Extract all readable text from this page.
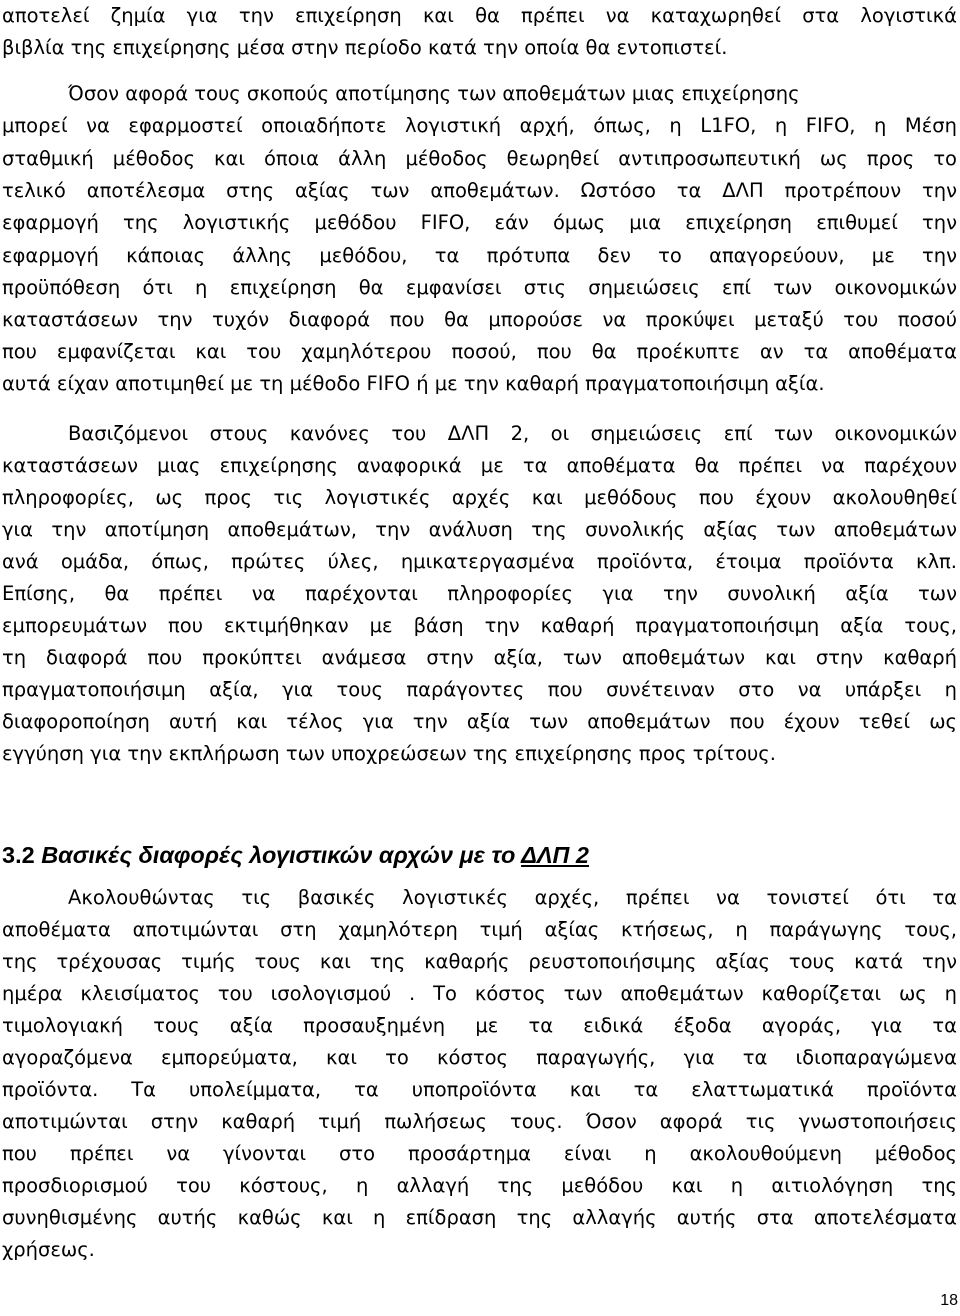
αποτελεί ζημία για την επιχείρηση και θα πρέπει να καταχωρηθεί στα λογιστικά
βιβλία της επιχείρησης μέσα στην περίοδο κατά την οποία θα εντοπιστεί.
Όσον αφορά τους σκοπούς αποτίμησης των αποθεμάτων μιας επιχείρησης
μπορεί να εφαρμοστεί οποιαδήποτε λογιστική αρχή, όπως, η L1FO, η FIFO, η Μέση
σταθμική μέθοδος και όποια άλλη μέθοδος θεωρηθεί αντιπροσωπευτική ως προς το
τελικό αποτέλεσμα στης αξίας των αποθεμάτων. Ωστόσο τα ΔΛΠ προτρέπουν την
εφαρμογή της λογιστικής μεθόδου FIFO, εάν όμως μια επιχείρηση επιθυμεί την
εφαρμογή κάποιας άλλης μεθόδου, τα πρότυπα δεν το απαγορεύουν, με την
προϋπόθεση ότι η επιχείρηση θα εμφανίσει στις σημειώσεις επί των οικονομικών
καταστάσεων την τυχόν διαφορά που θα μπορούσε να προκύψει μεταξύ του ποσού
που εμφανίζεται και του χαμηλότερου ποσού, που θα προέκυπτε αν τα αποθέματα
αυτά είχαν αποτιμηθεί με τη μέθοδο FIFO ή με την καθαρή πραγματοποιήσιμη αξία.
Βασιζόμενοι στους κανόνες του ΔΛΠ 2, οι σημειώσεις επί των οικονομικών
καταστάσεων μιας επιχείρησης αναφορικά με τα αποθέματα θα πρέπει να παρέχουν
πληροφορίες, ως προς τις λογιστικές αρχές και μεθόδους που έχουν ακολουθηθεί
για την αποτίμηση αποθεμάτων, την ανάλυση της συνολικής αξίας των αποθεμάτων
ανά ομάδα, όπως, πρώτες ύλες, ημικατεργασμένα προϊόντα, έτοιμα προϊόντα κλπ.
Επίσης, θα πρέπει να παρέχονται πληροφορίες για την συνολική αξία των
εμπορευμάτων που εκτιμήθηκαν με βάση την καθαρή πραγματοποιήσιμη αξία τους,
τη διαφορά που προκύπτει ανάμεσα στην αξία, των αποθεμάτων και στην καθαρή
πραγματοποιήσιμη αξία, για τους παράγοντες που συνέτειναν στο να υπάρξει η
διαφοροποίηση αυτή και τέλος για την αξία των αποθεμάτων που έχουν τεθεί ως
εγγύηση για την εκπλήρωση των υποχρεώσεων της επιχείρησης προς τρίτους.
3.2 Βασικές διαφορές λογιστικών αρχών με το ΔΛΠ 2
Ακολουθώντας τις βασικές λογιστικές αρχές, πρέπει να τονιστεί ότι τα
αποθέματα αποτιμώνται στη χαμηλότερη τιμή αξίας κτήσεως, η παράγωγης τους,
της τρέχουσας τιμής τους και της καθαρής ρευστοποιήσιμης αξίας τους κατά την
ημέρα κλεισίματος του ισολογισμού . Το κόστος των αποθεμάτων καθορίζεται ως η
τιμολογιακή τους αξία προσαυξημένη με τα ειδικά έξοδα αγοράς, για τα
αγοραζόμενα εμπορεύματα, και το κόστος παραγωγής, για τα ιδιοπαραγώμενα
προϊόντα. Τα υπολείμματα, τα υποπροϊόντα και τα ελαττωματικά προϊόντα
αποτιμώνται στην καθαρή τιμή πωλήσεως τους. Όσον αφορά τις γνωστοποιήσεις
που πρέπει να γίνονται στο προσάρτημα είναι η ακολουθούμενη μέθοδος
προσδιορισμού του κόστους, η αλλαγή της μεθόδου και η αιτιολόγηση της
συνηθισμένης αυτής καθώς και η επίδραση της αλλαγής αυτής στα αποτελέσματα
χρήσεως.
18
